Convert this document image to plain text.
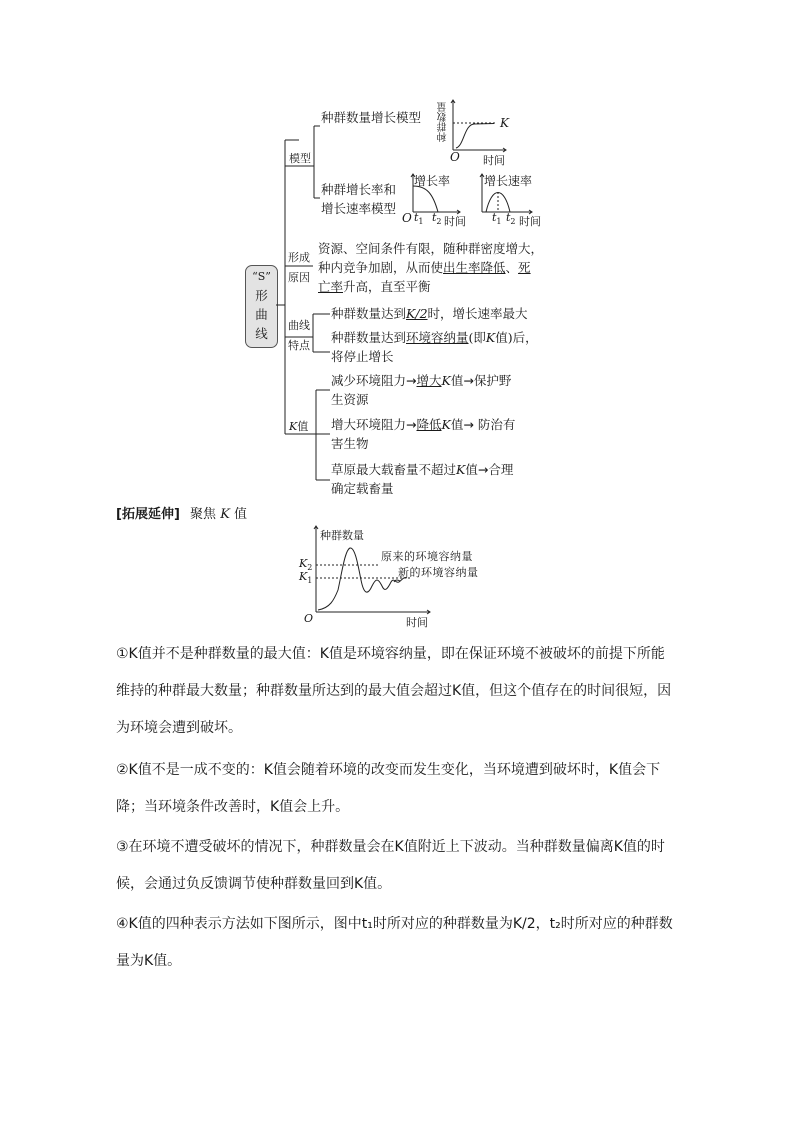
“S”
形
曲
线
模型
形成
原因
曲线
特点
K值
种群数量增长模型
种群增长率和
增长速率模型
种群数量	K
O 时间
增长率
O $t_1$ $t_2$ 时间
增长速率
$t_1$ $t_2$ 时间
资源、空间条件有限，随种群密度增大，
种内竞争加剧，从而使出生率降低、死
亡率升高，直至平衡
种群数量达到K/2时，增长速率最大
种群数量达到环境容纳量(即K值)后，
将停止增长
减少环境阻力→增大K值→保护野
生资源
增大环境阻力→降低K值→ 防治有
害生物
草原最大载畜量不超过K值→合理
确定载畜量
[拓展延伸] 聚焦 K 值
种群数量
$K_2$
$K_1$
O	时间
原来的环境容纳量
新的环境容纳量
①K值并不是种群数量的最大值：K值是环境容纳量，即在保证环境不被破坏的前提下所能
维持的种群最大数量；种群数量所达到的最大值会超过K值，但这个值存在的时间很短，因
为环境会遭到破坏。
②K值不是一成不变的：K值会随着环境的改变而发生变化，当环境遭到破坏时，K值会下
降；当环境条件改善时，K值会上升。
③在环境不遭受破坏的情况下，种群数量会在K值附近上下波动。当种群数量偏离K值的时
候，会通过负反馈调节使种群数量回到K值。
④K值的四种表示方法如下图所示，图中t₁时所对应的种群数量为K/2，t₂时所对应的种群数
量为K值。
